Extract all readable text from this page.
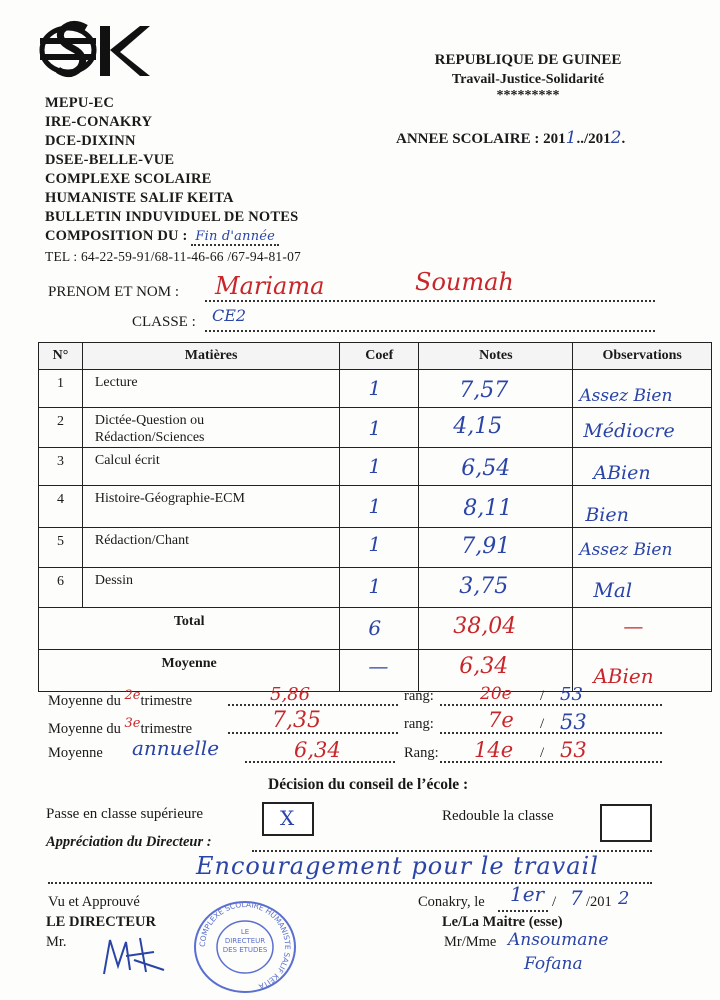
MEPU-EC
IRE-CONAKRY
DCE-DIXINN
DSEE-BELLE-VUE
COMPLEXE SCOLAIRE
HUMANISTE SALIF KEITA
BULLETIN INDUVIDUEL DE NOTES
COMPOSITION DU : Fin d'année
TEL : 64-22-59-91/68-11-46-66 /67-94-81-07
REPUBLIQUE DE GUINEE
Travail-Justice-Solidarité
*********
ANNEE SCOLAIRE : 2011../2012.
PRENOM ET NOM : Mariama	Soumah
CLASSE : CE2
N°	Matières	Coef	Notes	Observations
1	Lecture	1	7,57	Assez Bien

2	Dictée-Question ou
Rédaction/Sciences	1	4,15	Médiocre

3	Calcul écrit	1	6,54	ABien

4	Histoire-Géographie-ECM	1	8,11	Bien

5	Rédaction/Chant	1	7,91	Assez Bien

6	Dessin	1	3,75	Mal

Total		6	38,04	—

Moyenne		—	6,34	ABien
Moyenne du 2etrimestre	5,86	rang:	20e / 53
Moyenne du 3etrimestre	7,35	rang:	7e / 53
Moyenne annuelle	6,34	Rang: 14e / 53
Décision du conseil de l’école :
Passe en classe supérieure	X	Redouble la classe
Appréciation du Directeur :
Encouragement pour le travail
Vu et Approuvé
LE DIRECTEUR
Mr.	COMPLEXE SCOLAIRE HUMANISTE SALIF KEITA
LE DIRECTEUR DES ETUDES
Conakry, le 1er / 7 /201 2
Le/La Maitre (esse)
Mr/Mme Ansoumane
Fofana
